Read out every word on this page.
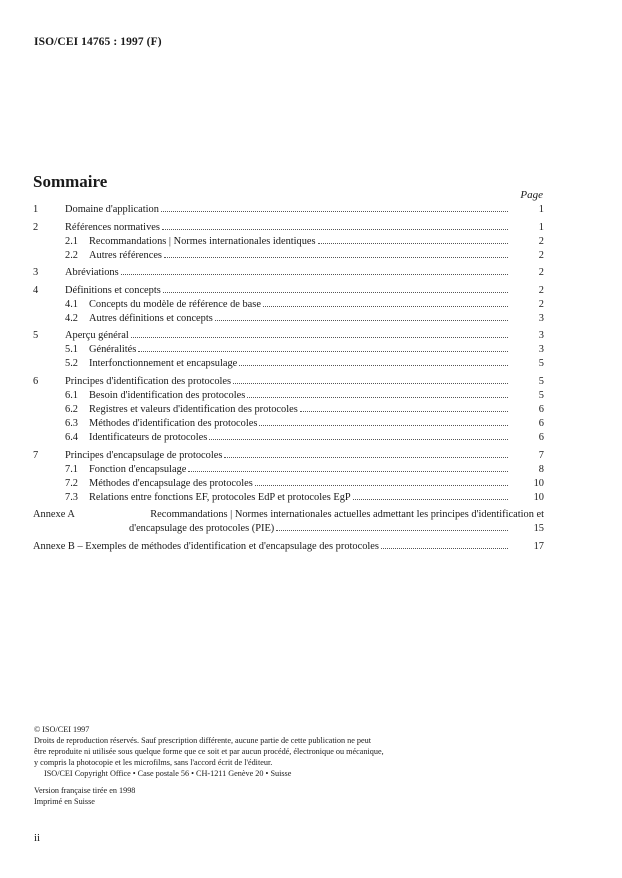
ISO/CEI 14765 : 1997 (F)
Sommaire
Page
1	Domaine d'application	1
2	Références normatives	1
2.1	Recommandations | Normes internationales identiques	2
2.2	Autres références	2
3	Abréviations	2
4	Définitions et concepts	2
4.1	Concepts du modèle de référence de base	2
4.2	Autres définitions et concepts	3
5	Aperçu général	3
5.1	Généralités	3
5.2	Interfonctionnement et encapsulage	5
6	Principes d'identification des protocoles	5
6.1	Besoin d'identification des protocoles	5
6.2	Registres et valeurs d'identification des protocoles	6
6.3	Méthodes d'identification des protocoles	6
6.4	Identificateurs de protocoles	6
7	Principes d'encapsulage de protocoles	7
7.1	Fonction d'encapsulage	8
7.2	Méthodes d'encapsulage des protocoles	10
7.3	Relations entre fonctions EF, protocoles EdP et protocoles EgP	10
Annexe A	Recommandations | Normes internationales actuelles admettant les principes d'identification et
d'encapsulage des protocoles (PIE)	15
Annexe B – Exemples de méthodes d'identification et d'encapsulage des protocoles	17

© ISO/CEI 1997

Droits de reproduction réservés. Sauf prescription différente, aucune partie de cette publication ne peut être reproduite ni utilisée sous quelque forme que ce soit et par aucun procédé, électronique ou mécanique, y compris la photocopie et les microfilms, sans l'accord écrit de l'éditeur.

ISO/CEI Copyright Office • Case postale 56 • CH-1211 Genève 20 • Suisse

Version française tirée en 1998

Imprimé en Suisse

ii
